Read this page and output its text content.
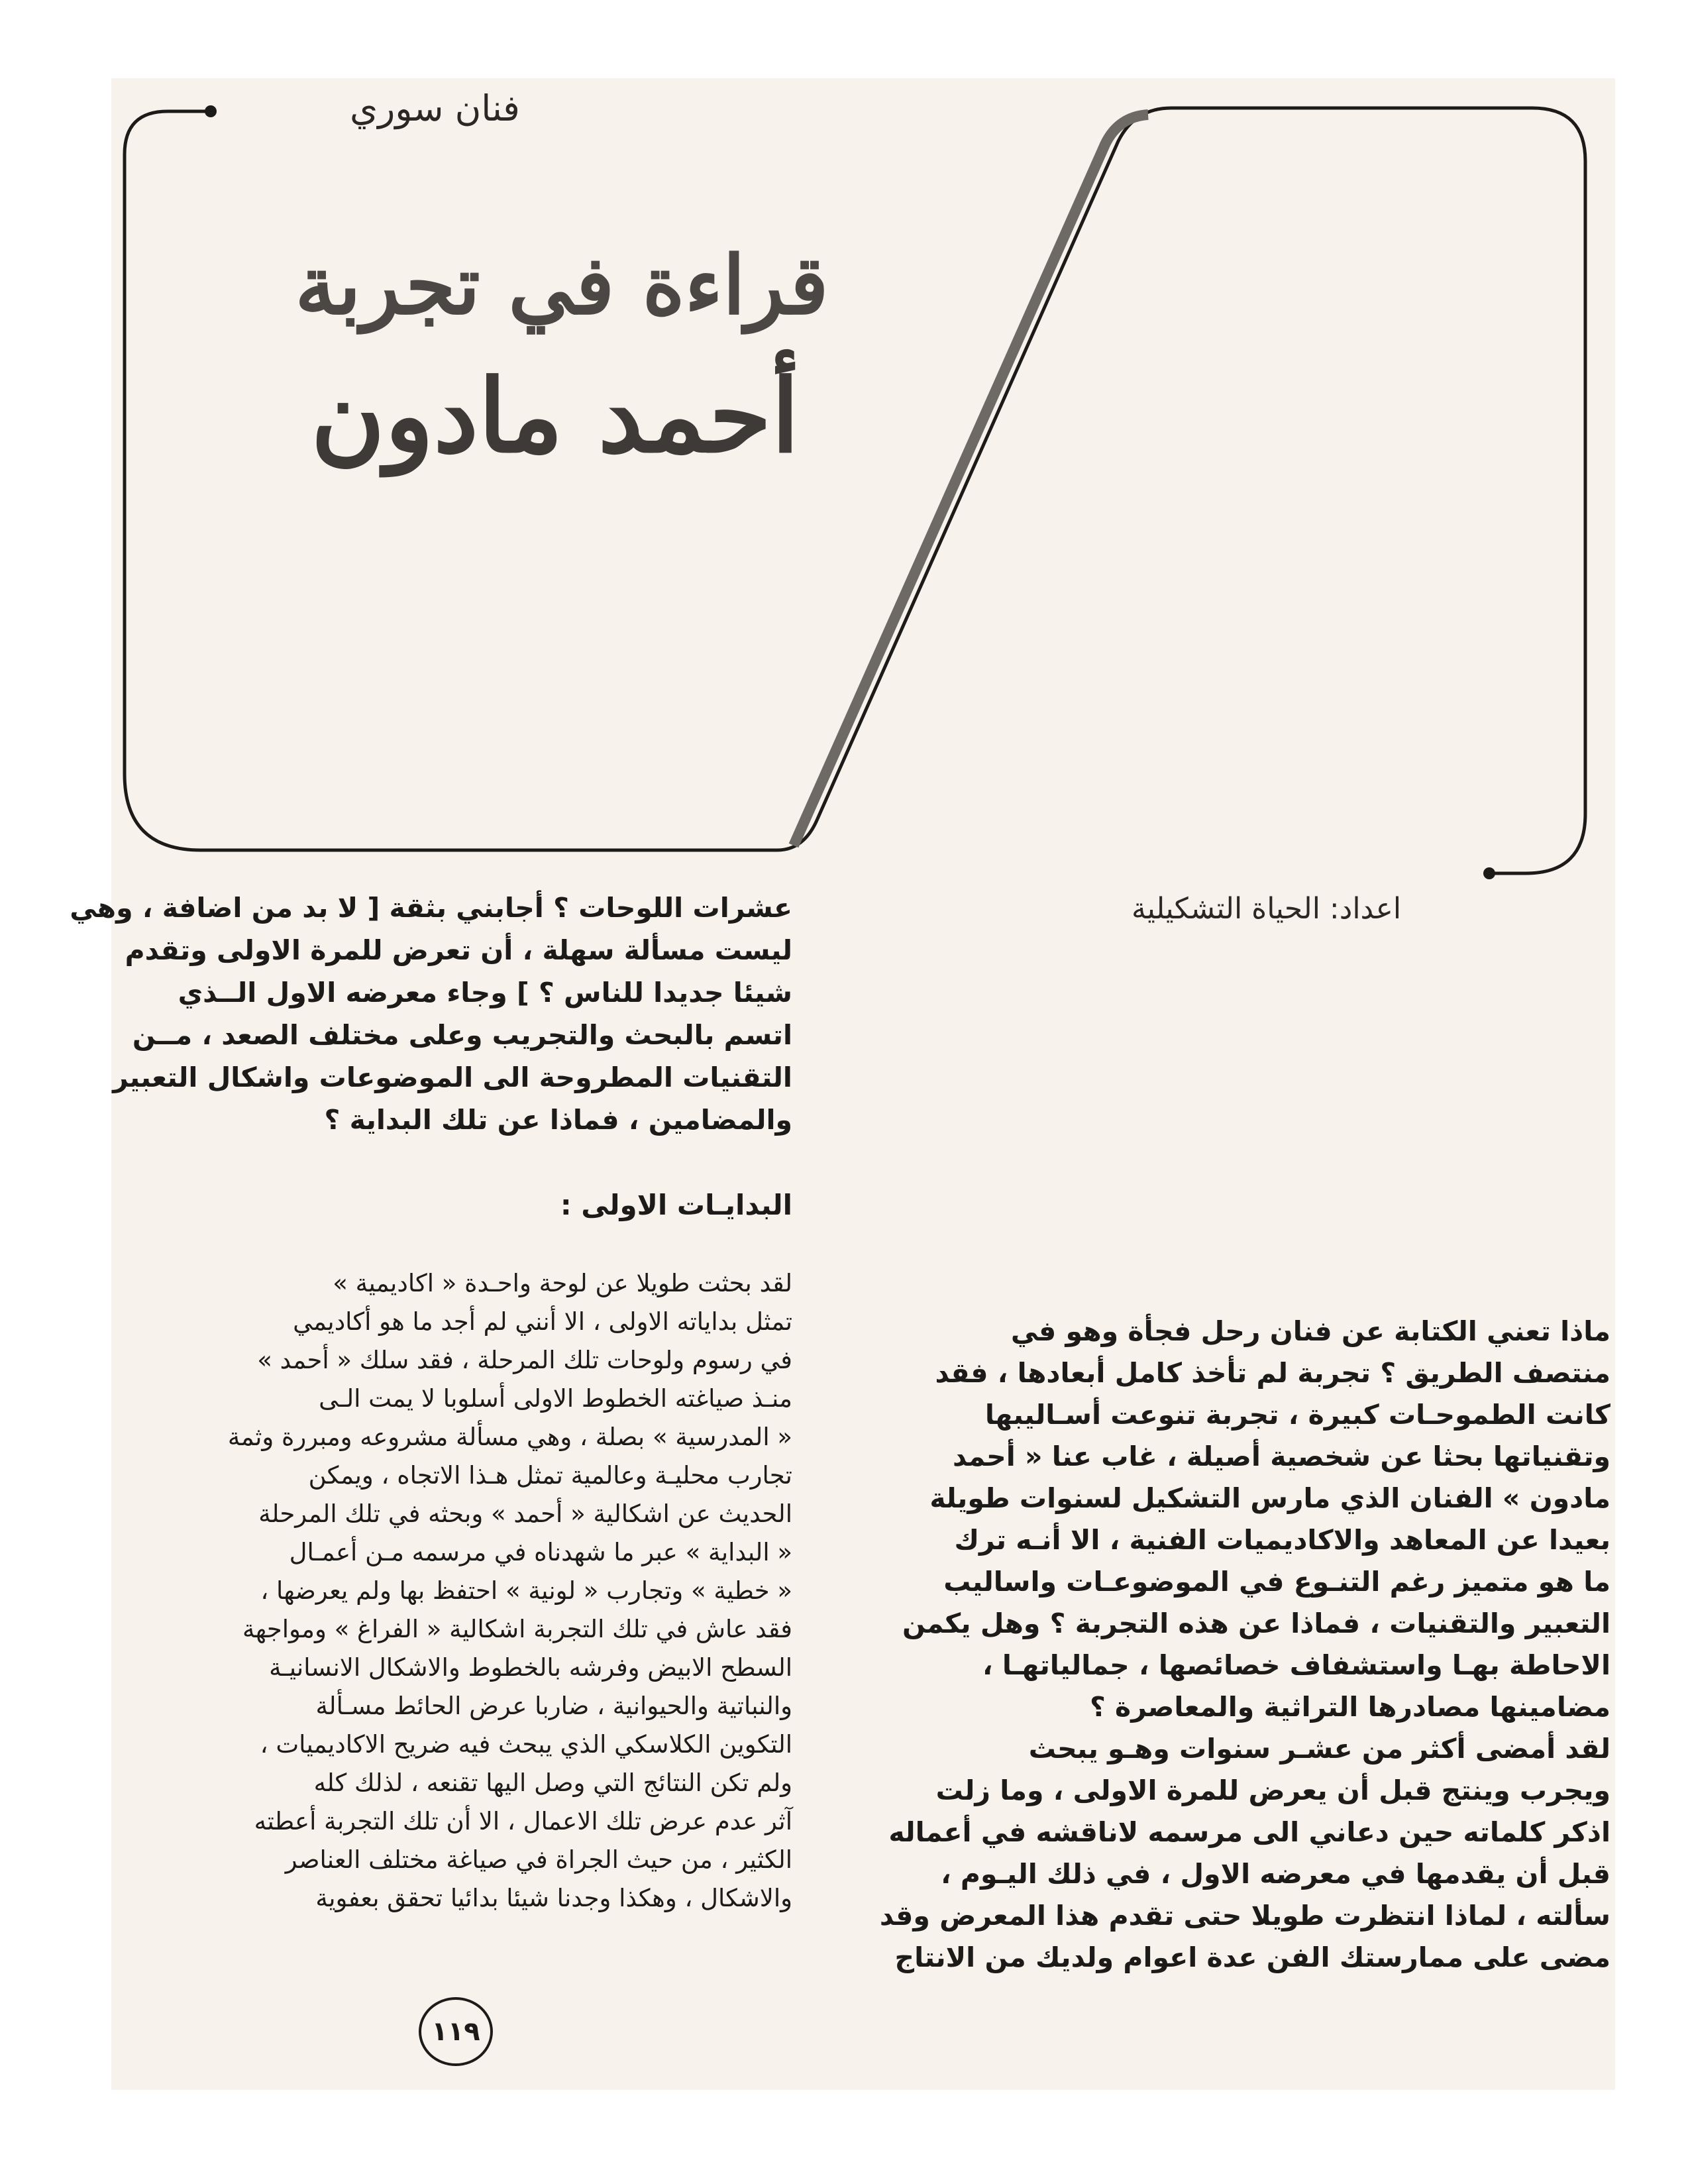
فنان سوري
قراءة في تجربة
أحمد مادون
اعداد: الحياة التشكيلية

عشرات اللوحات ؟ أجابني بثقة [ لا بد من اضافة ، وهي

ليست مسألة سهلة ، أن تعرض للمرة الاولى وتقدم

شيئا جديدا للناس ؟ ] وجاء معرضه الاول الــذي

اتسم بالبحث والتجريب وعلى مختلف الصعد ، مــن

التقنيات المطروحة الى الموضوعات واشكال التعبير

والمضامين ، فماذا عن تلك البداية ؟

البدايـات الاولى :

لقد بحثت طويلا عن لوحة واحـدة « اكاديمية »

تمثل بداياته الاولى ، الا أنني لم أجد ما هو أكاديمي

في رسوم ولوحات تلك المرحلة ، فقد سلك « أحمد »

منـذ صياغته الخطوط الاولى أسلوبا لا يمت الـى

« المدرسية » بصلة ، وهي مسألة مشروعه ومبررة وثمة

تجارب محليـة وعالمية تمثل هـذا الاتجاه ، ويمكن

الحديث عن اشكالية « أحمد » وبحثه في تلك المرحلة

« البداية » عبر ما شهدناه في مرسمه مـن أعمـال

« خطية » وتجارب « لونية » احتفظ بها ولم يعرضها ،

فقد عاش في تلك التجربة اشكالية « الفراغ » ومواجهة

السطح الابيض وفرشه بالخطوط والاشكال الانسانيـة

والنباتية والحيوانية ، ضاربا عرض الحائط مسـألة

التكوين الكلاسكي الذي يبحث فيه ضريح الاكاديميات ،

ولم تكن النتائج التي وصل اليها تقنعه ، لذلك كله

آثر عدم عرض تلك الاعمال ، الا أن تلك التجربة أعطته

الكثير ، من حيث الجراة في صياغة مختلف العناصر

والاشكال ، وهكذا وجدنا شيئا بدائيا تحقق بعفوية

ماذا تعني الكتابة عن فنان رحل فجأة وهو في

منتصف الطريق ؟ تجربة لم تأخذ كامل أبعادها ، فقد

كانت الطموحـات كبيرة ، تجربة تنوعت أسـاليبها

وتقنياتها بحثا عن شخصية أصيلة ، غاب عنا « أحمد

مادون » الفنان الذي مارس التشكيل لسنوات طويلة

بعيدا عن المعاهد والاكاديميات الفنية ، الا أنـه ترك

ما هو متميز رغم التنـوع في الموضوعـات واساليب

التعبير والتقنيات ، فماذا عن هذه التجربة ؟ وهل يكمن

الاحاطة بهـا واستشفاف خصائصها ، جمالياتهـا ،

مضامينها مصادرها التراثية والمعاصرة ؟

لقد أمضى أكثر من عشـر سنوات وهـو يبحث

ويجرب وينتج قبل أن يعرض للمرة الاولى ، وما زلت

اذكر كلماته حين دعاني الى مرسمه لاناقشه في أعماله

قبل أن يقدمها في معرضه الاول ، في ذلك اليـوم ،

سألته ، لماذا انتظرت طويلا حتى تقدم هذا المعرض وقد

مضى على ممارستك الفن عدة اعوام ولديك من الانتاج

١١٩
